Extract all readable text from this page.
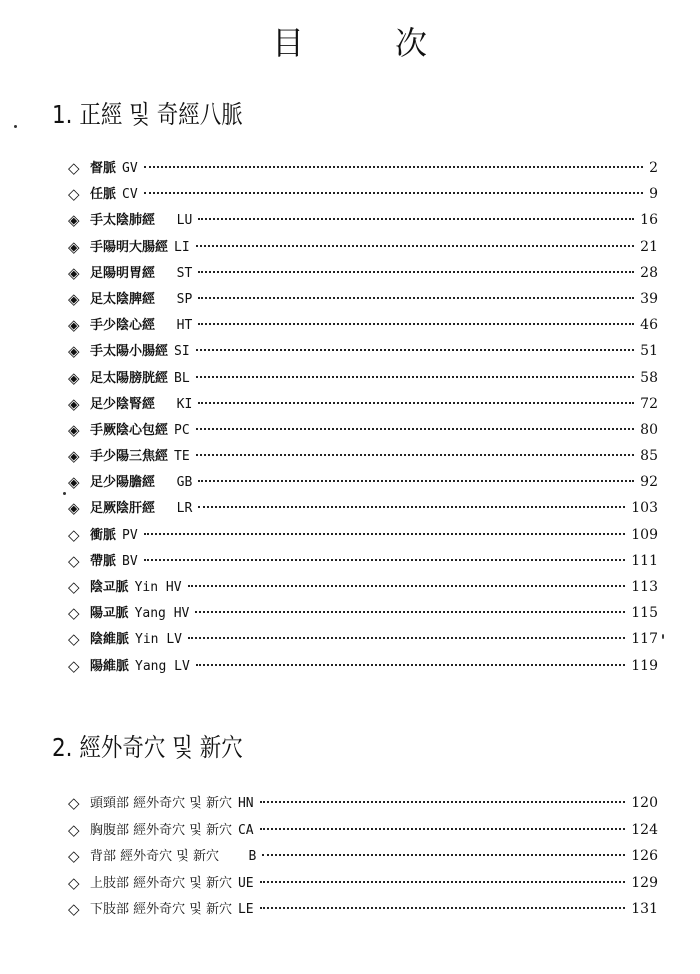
目	次
1. 正經 및 奇經八脈
◇ 督脈 GV	2
◇ 任脈 CV	9
◈ 手太陰肺經 LU	16
◈ 手陽明大腸經 LI	21
◈ 足陽明胃經 ST	28
◈ 足太陰脾經 SP	39
◈ 手少陰心經 HT	46
◈ 手太陽小腸經 SI	51
◈ 足太陽膀胱經 BL	58
◈ 足少陰腎經 KI	72
◈ 手厥陰心包經 PC	80
◈ 手少陽三焦經 TE	85
◈ 足少陽膽經 GB	92
◈ 足厥陰肝經 LR	103
◇ 衝脈 PV	109
◇ 帶脈 BV	111
◇ 陰교脈 Yin HV	113
◇ 陽교脈 Yang HV	115
◇ 陰維脈 Yin LV	117
◇ 陽維脈 Yang LV	119
2. 經外奇穴 및 新穴
◇ 頭頸部 經外奇穴 및 新穴 HN	120
◇ 胸腹部 經外奇穴 및 新穴 CA	124
◇ 背部 經外奇穴 및 新穴 B	126
◇ 上肢部 經外奇穴 및 新穴 UE	129
◇ 下肢部 經外奇穴 및 新穴 LE	131
